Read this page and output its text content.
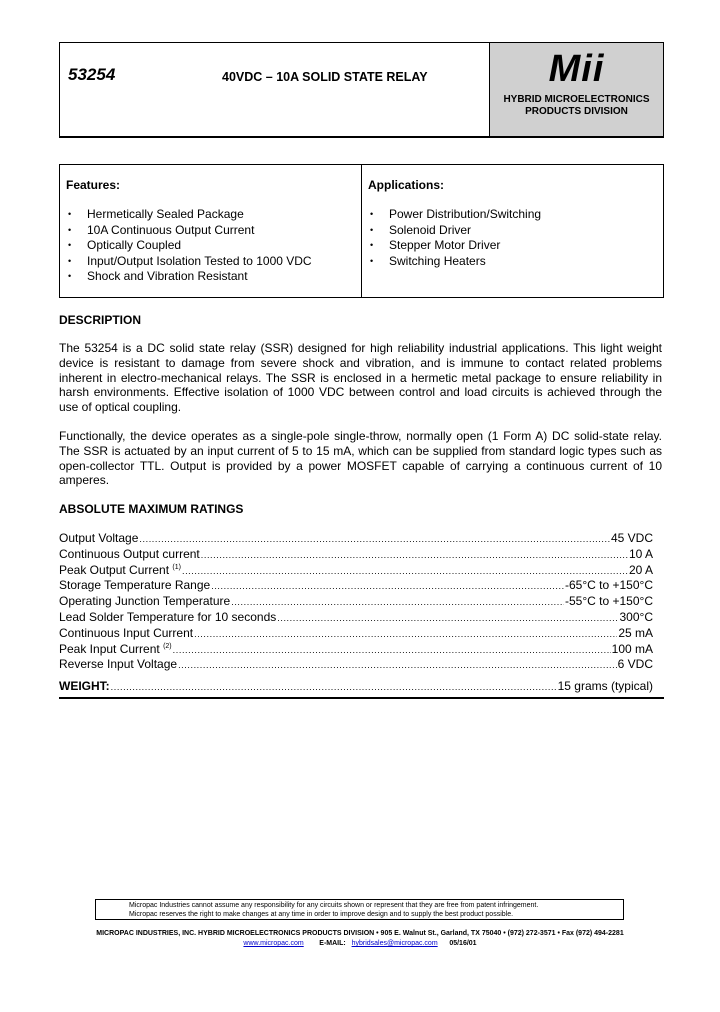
53254	40VDC – 10A SOLID STATE RELAY	Mii
HYBRID MICROELECTRONICS
PRODUCTS DIVISION
Features:
• Hermetically Sealed Package
• 10A Continuous Output Current
• Optically Coupled
• Input/Output Isolation Tested to 1000 VDC
• Shock and Vibration Resistant
Applications:
• Power Distribution/Switching
• Solenoid Driver
• Stepper Motor Driver
• Switching Heaters
DESCRIPTION
The 53254 is a DC solid state relay (SSR) designed for high reliability industrial applications. This light weight device is resistant to damage from severe shock and vibration, and is immune to contact related problems inherent in electro-mechanical relays. The SSR is enclosed in a hermetic metal package to ensure reliability in harsh environments. Effective isolation of 1000 VDC between control and load circuits is achieved through the use of optical coupling.
Functionally, the device operates as a single-pole single-throw, normally open (1 Form A) DC solid-state relay. The SSR is actuated by an input current of 5 to 15 mA, which can be supplied from standard logic types such as open-collector TTL. Output is provided by a power MOSFET capable of carrying a continuous current of 10 amperes.
ABSOLUTE MAXIMUM RATINGS
Output Voltage .....	45 VDC
Continuous Output current .....	10 A
Peak Output Current $^{(1)}$ .....	20 A
Storage Temperature Range .....	-65°C to +150°C
Operating Junction Temperature .....	-55°C to +150°C
Lead Solder Temperature for 10 seconds .....	300°C
Continuous Input Current .....	25 mA
Peak Input Current $^{(2)}$ .....	100 mA
Reverse Input Voltage .....	6 VDC
WEIGHT: .....	15 grams (typical)
Micropac Industries cannot assume any responsibility for any circuits shown or represent that they are free from patent infringement.
Micropac reserves the right to make changes at any time in order to improve design and to supply the best product possible.
MICROPAC INDUSTRIES, INC. HYBRID MICROELECTRONICS PRODUCTS DIVISION • 905 E. Walnut St., Garland, TX 75040 • (972) 272-3571 • Fax (972) 494-2281
www.micropac.com E-MAIL: hybridsales@micropac.com 05/16/01
